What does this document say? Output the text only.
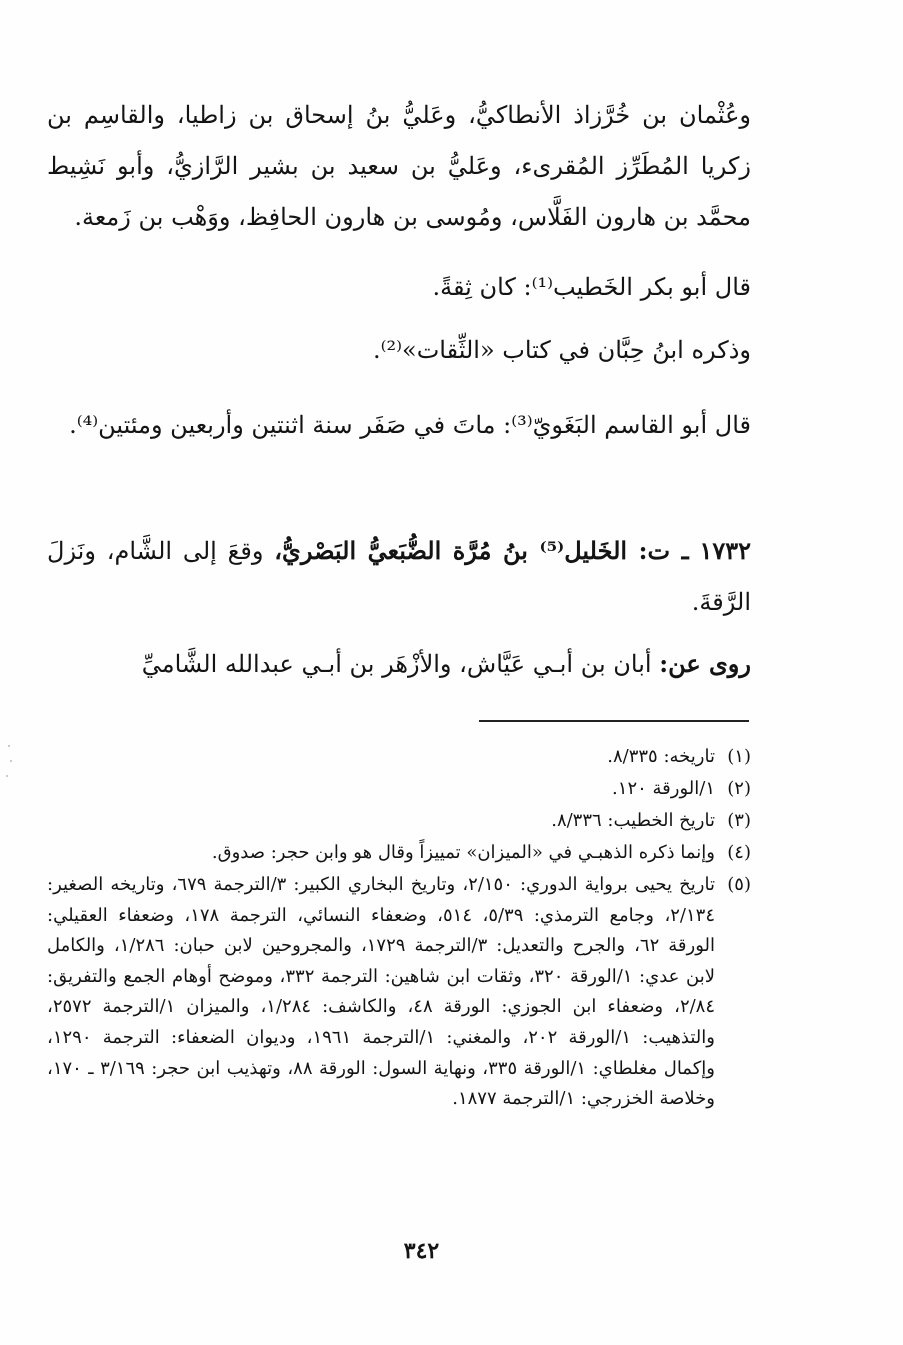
وعُثْمان بن خُرَّزاذ الأنطاكيُّ، وعَليُّ بنُ إسحاق بن زاطيا، والقاسِم بن زكريا المُطَرِّز المُقرىء، وعَليُّ بن سعيد بن بشير الرَّازيُّ، وأبو نَشِيط محمَّد بن هارون الفَلَّاس، ومُوسى بن هارون الحافِظ، ووَهْب بن زَمعة.

قال أبو بكر الخَطيب⁽¹⁾: كان ثِقةً.

وذكره ابنُ حِبَّان في كتاب «الثِّقات»⁽²⁾.

قال أبو القاسم البَغَويّ⁽³⁾: ماتَ في صَفَر سنة اثنتين وأربعين ومئتين⁽⁴⁾.

١٧٣٢ ـ ت: الخَليل⁽⁵⁾ بنُ مُرَّة الضُّبَعيُّ البَصْريُّ، وقعَ إلى الشَّام، ونَزلَ الرَّقةَ.

روى عن: أبان بن أبـي عَيَّاش، والأزْهَر بن أبـي عبدالله الشَّاميِّ

(١)
تاريخه: ٨/٣٣٥.
(٢)
١/الورقة ١٢٠.
(٣)
تاريخ الخطيب: ٨/٣٣٦.
(٤)
وإنما ذكره الذهبـي في «الميزان» تمييزاً وقال هو وابن حجر: صدوق.
(٥)
تاريخ يحيى برواية الدوري: ٢/١٥٠، وتاريخ البخاري الكبير: ٣/الترجمة ٦٧٩، وتاريخه الصغير: ٢/١٣٤، وجامع الترمذي: ٥/٣٩، ٥١٤، وضعفاء النسائي، الترجمة ١٧٨، وضعفاء العقيلي: الورقة ٦٢، والجرح والتعديل: ٣/الترجمة ١٧٢٩، والمجروحين لابن حبان: ١/٢٨٦، والكامل لابن عدي: ١/الورقة ٣٢٠، وثقات ابن شاهين: الترجمة ٣٣٢، وموضح أوهام الجمع والتفريق: ٢/٨٤، وضعفاء ابن الجوزي: الورقة ٤٨، والكاشف: ١/٢٨٤، والميزان ١/الترجمة ٢٥٧٢، والتذهيب: ١/الورقة ٢٠٢، والمغني: ١/الترجمة ١٩٦١، وديوان الضعفاء: الترجمة ١٢٩٠، وإكمال مغلطاي: ١/الورقة ٣٣٥، ونهاية السول: الورقة ٨٨، وتهذيب ابن حجر: ٣/١٦٩ ـ ١٧٠، وخلاصة الخزرجي: ١/الترجمة ١٨٧٧.
٣٤٢
